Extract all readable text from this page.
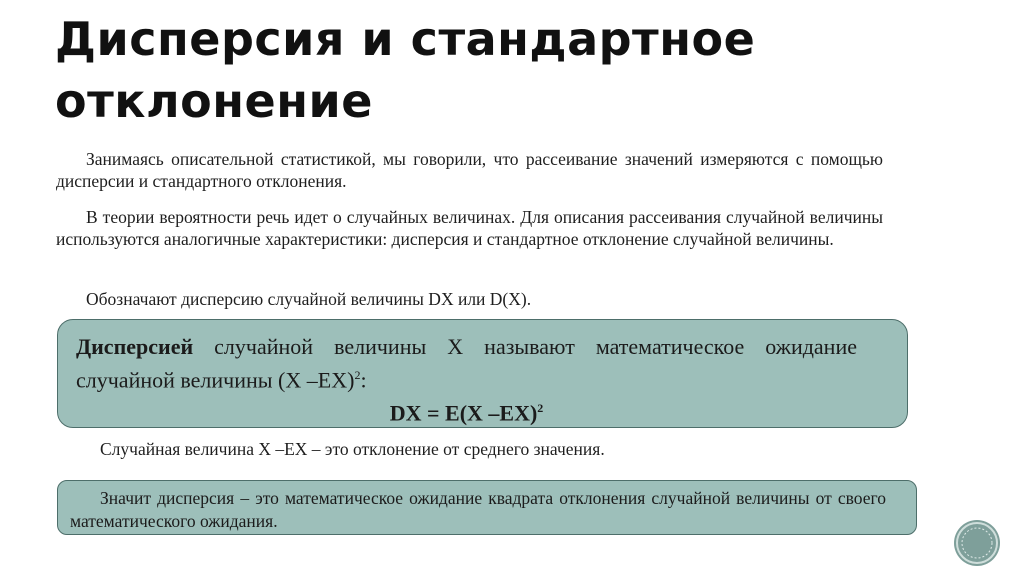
Дисперсия и стандартное отклонение
Занимаясь описательной статистикой, мы говорили, что рассеивание значений измеряются с помощью дисперсии и стандартного отклонения.
В теории вероятности речь идет о случайных величинах. Для описания рассеивания случайной величины используются аналогичные характеристики: дисперсия и стандартное отклонение случайной величины.
Обозначают дисперсию случайной величины DX или D(X).
Дисперсией случайной величины X называют математическое ожидание случайной величины (X –EX)$^2$:
DX = E(X –EX)$^2$
Случайная величина X –EX – это отклонение от среднего значения.
Значит дисперсия – это математическое ожидание квадрата отклонения случайной величины от своего математического ожидания.
